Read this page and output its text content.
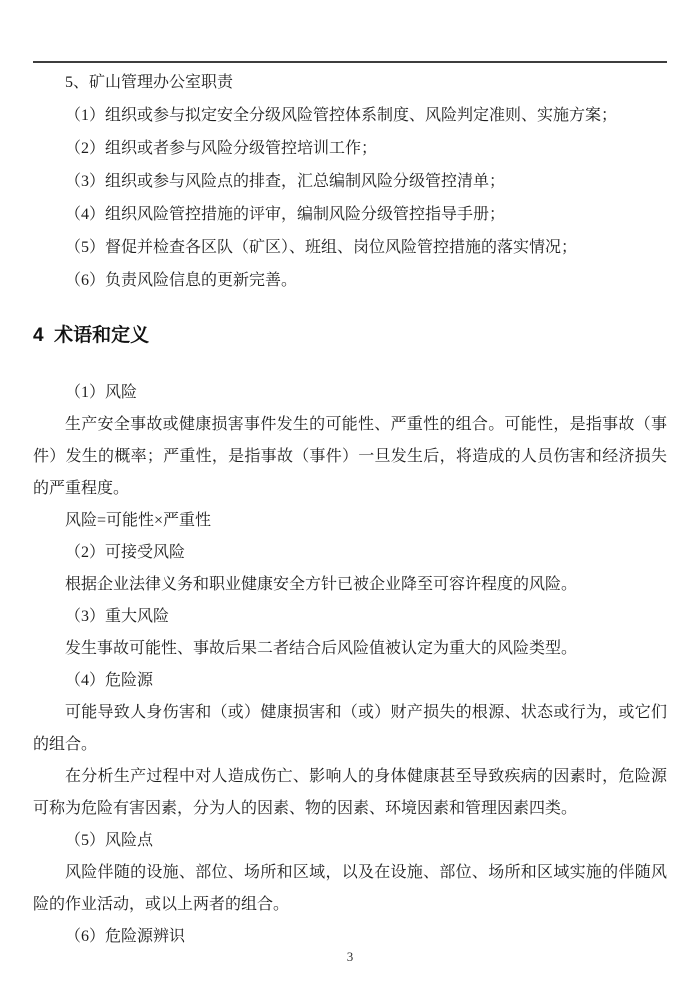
5、矿山管理办公室职责

（1）组织或参与拟定安全分级风险管控体系制度、风险判定准则、实施方案；

（2）组织或者参与风险分级管控培训工作；

（3）组织或参与风险点的排查，汇总编制风险分级管控清单；

（4）组织风险管控措施的评审，编制风险分级管控指导手册；

（5）督促并检查各区队（矿区）、班组、岗位风险管控措施的落实情况；

（6）负责风险信息的更新完善。

4  术语和定义

（1）风险

生产安全事故或健康损害事件发生的可能性、严重性的组合。可能性，是指事故（事件）发生的概率；严重性，是指事故（事件）一旦发生后，将造成的人员伤害和经济损失的严重程度。

风险=可能性×严重性

（2）可接受风险

根据企业法律义务和职业健康安全方针已被企业降至可容许程度的风险。

（3）重大风险

发生事故可能性、事故后果二者结合后风险值被认定为重大的风险类型。

（4）危险源

可能导致人身伤害和（或）健康损害和（或）财产损失的根源、状态或行为，或它们的组合。

在分析生产过程中对人造成伤亡、影响人的身体健康甚至导致疾病的因素时，危险源可称为危险有害因素，分为人的因素、物的因素、环境因素和管理因素四类。

（5）风险点

风险伴随的设施、部位、场所和区域，以及在设施、部位、场所和区域实施的伴随风险的作业活动，或以上两者的组合。

（6）危险源辨识

3
